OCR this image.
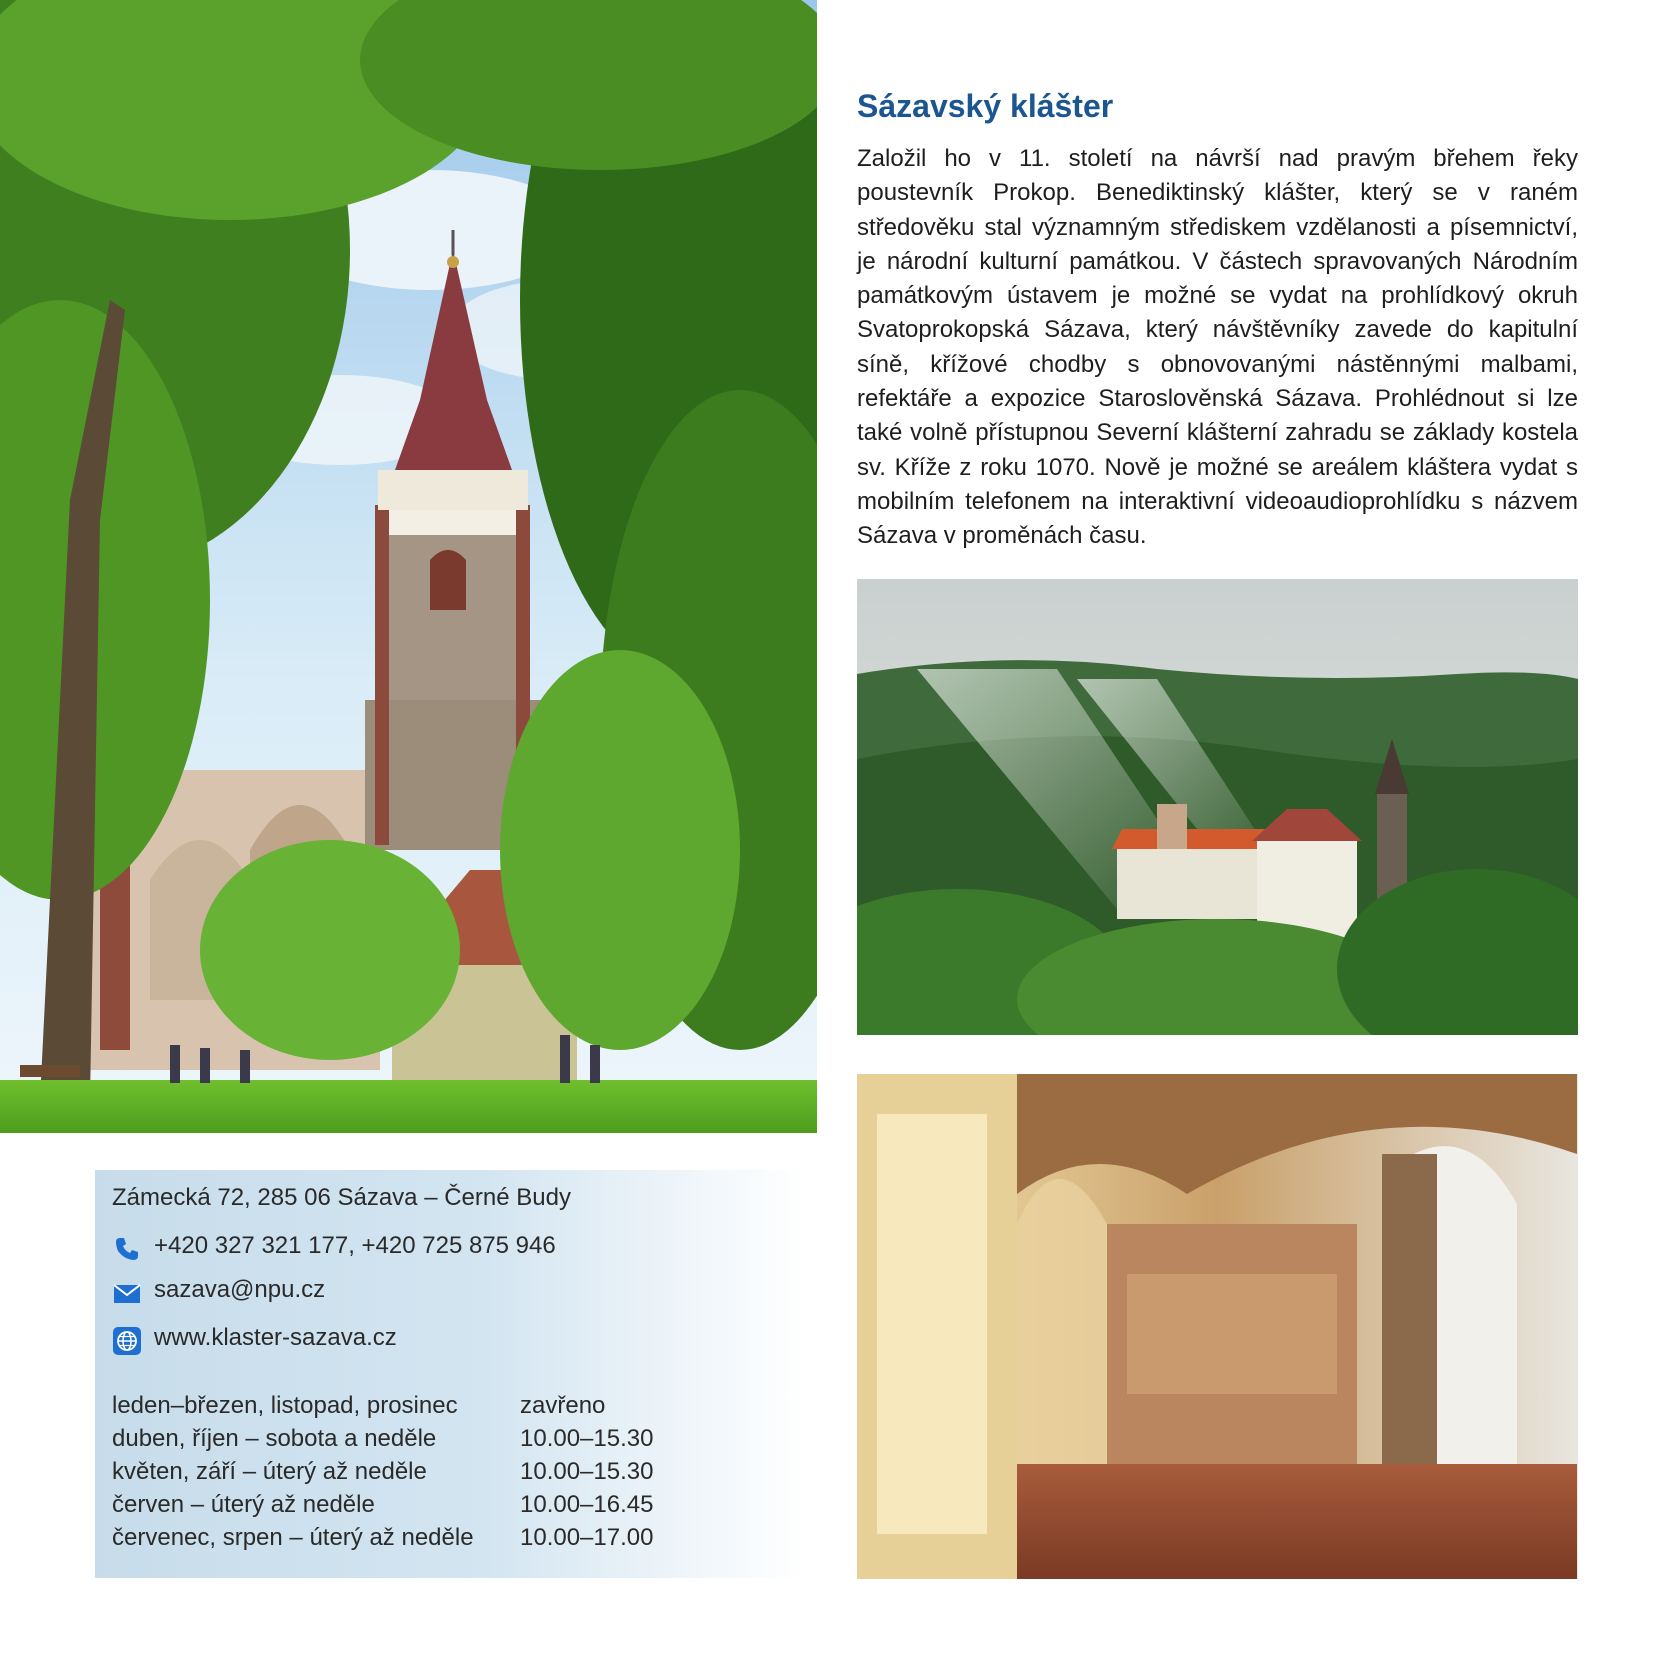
Sázavský klášter

Založil ho v 11. století na návrší nad pravým břehem řeky poustevník Prokop. Benediktinský klášter, který se v raném středověku stal významným střediskem vzdělanosti a písemnictví, je národní kulturní památkou. V částech spravovaných Národním památkovým ústavem je možné se vydat na prohlídkový okruh Svatoprokopská Sázava, který návštěvníky zavede do kapitulní síně, křížové chodby s obnovovanými nástěnnými malbami, refektáře a expozice Staroslověnská Sázava. Prohlédnout si lze také volně přístupnou Severní klášterní zahradu se základy kostela sv. Kříže z roku 1070. Nově je možné se areálem kláštera vydat s mobilním telefonem na interaktivní videoaudioprohlídku s názvem Sázava v proměnách času.

Zámecká 72, 285 06 Sázava – Černé Budy
+420 327 321 177, +420 725 875 946
sazava@npu.cz
www.klaster-sazava.cz
leden–březen, listopad, prosinec	zavřeno
duben, říjen – sobota a neděle	10.00–15.30
květen, září – úterý až neděle	10.00–15.30
červen – úterý až neděle	10.00–16.45
červenec, srpen – úterý až neděle 10.00–17.00
